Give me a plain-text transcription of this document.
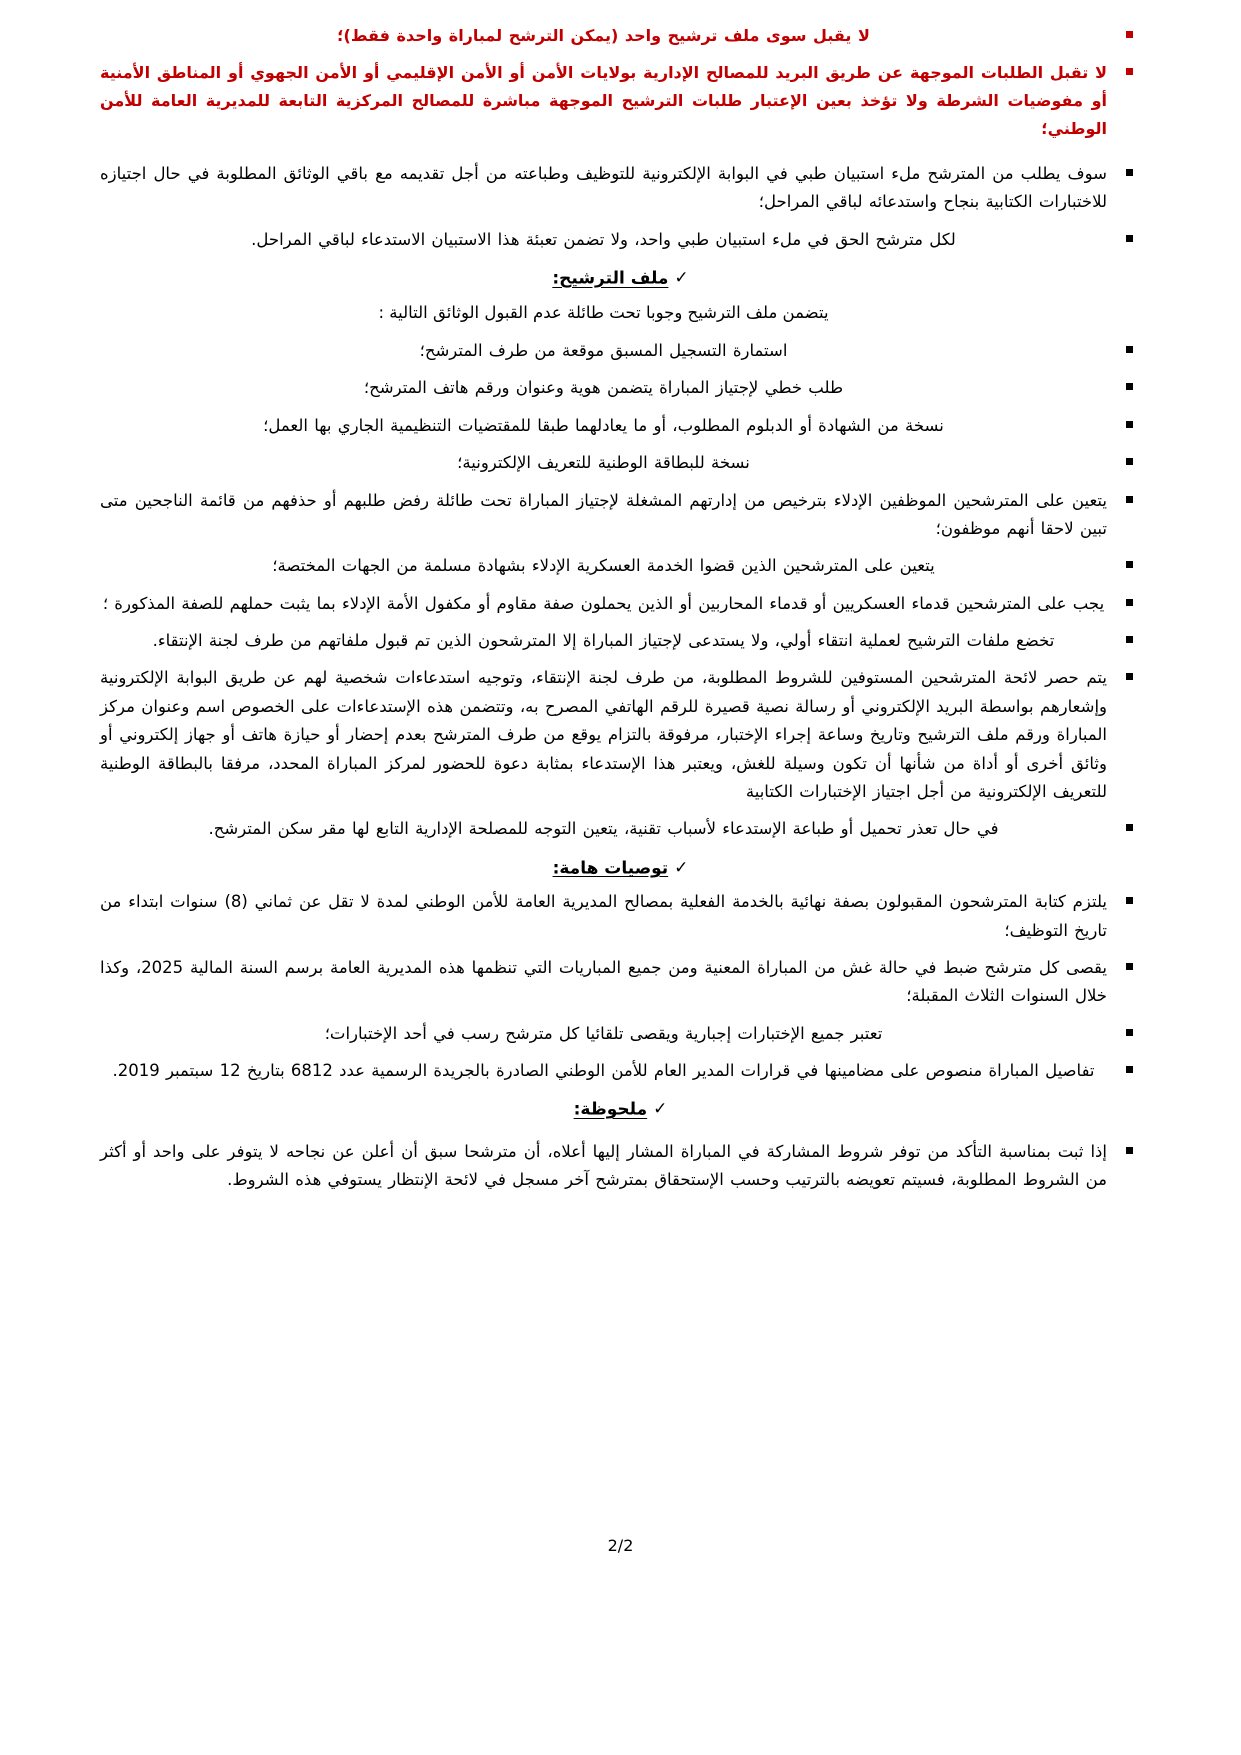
لا يقبل سوى ملف ترشيح واحد (يمكن الترشح لمباراة واحدة فقط)؛
لا تقبل الطلبات الموجهة عن طريق البريد للمصالح الإدارية بولايات الأمن أو الأمن الإقليمي أو الأمن الجهوي أو المناطق الأمنية أو مفوضيات الشرطة ولا تؤخذ بعين الإعتبار طلبات الترشيح الموجهة مباشرة للمصالح المركزية التابعة للمديرية العامة للأمن الوطني؛
سوف يطلب من المترشح ملء استبيان طبي في البوابة الإلكترونية للتوظيف وطباعته من أجل تقديمه مع باقي الوثائق المطلوبة في حال اجتيازه للاختبارات الكتابية بنجاح واستدعائه لباقي المراحل؛
لكل مترشح الحق في ملء استبيان طبي واحد، ولا تضمن تعبئة هذا الاستبيان الاستدعاء لباقي المراحل.
✓ملف الترشيح:
يتضمن ملف الترشيح وجوبا تحت طائلة عدم القبول الوثائق التالية :
استمارة التسجيل المسبق موقعة من طرف المترشح؛
طلب خطي لإجتياز المباراة يتضمن هوية وعنوان ورقم هاتف المترشح؛
نسخة من الشهادة أو الدبلوم المطلوب، أو ما يعادلهما طبقا للمقتضيات التنظيمية الجاري بها العمل؛
نسخة للبطاقة الوطنية للتعريف الإلكترونية؛
يتعين على المترشحين الموظفين الإدلاء بترخيص من إدارتهم المشغلة لإجتياز المباراة تحت طائلة رفض طلبهم أو حذفهم من قائمة الناجحين متى تبين لاحقا أنهم موظفون؛
يتعين على المترشحين الذين قضوا الخدمة العسكرية الإدلاء بشهادة مسلمة من الجهات المختصة؛
يجب على المترشحين قدماء العسكريين أو قدماء المحاربين أو الذين يحملون صفة مقاوم أو مكفول الأمة الإدلاء بما يثبت حملهم للصفة المذكورة ؛
تخضع ملفات الترشيح لعملية انتقاء أولي، ولا يستدعى لإجتياز المباراة إلا المترشحون الذين تم قبول ملفاتهم من طرف لجنة الإنتقاء.
يتم حصر لائحة المترشحين المستوفين للشروط المطلوبة، من طرف لجنة الإنتقاء، وتوجيه استدعاءات شخصية لهم عن طريق البوابة الإلكترونية وإشعارهم بواسطة البريد الإلكتروني أو رسالة نصية قصيرة للرقم الهاتفي المصرح به، وتتضمن هذه الإستدعاءات على الخصوص اسم وعنوان مركز المباراة ورقم ملف الترشيح وتاريخ وساعة إجراء الإختبار، مرفوقة بالتزام يوقع من طرف المترشح بعدم إحضار أو حيازة هاتف أو جهاز إلكتروني أو وثائق أخرى أو أداة من شأنها أن تكون وسيلة للغش، ويعتبر هذا الإستدعاء بمثابة دعوة للحضور لمركز المباراة المحدد، مرفقا بالبطاقة الوطنية للتعريف الإلكترونية من أجل اجتياز الإختبارات الكتابية
في حال تعذر تحميل أو طباعة الإستدعاء لأسباب تقنية، يتعين التوجه للمصلحة الإدارية التابع لها مقر سكن المترشح.
✓توصيات هامة:
يلتزم كتابة المترشحون المقبولون بصفة نهائية بالخدمة الفعلية بمصالح المديرية العامة للأمن الوطني لمدة لا تقل عن ثماني (8) سنوات ابتداء من تاريخ التوظيف؛
يقصى كل مترشح ضبط في حالة غش من المباراة المعنية ومن جميع المباريات التي تنظمها هذه المديرية العامة برسم السنة المالية 2025، وكذا خلال السنوات الثلاث المقبلة؛
تعتبر جميع الإختبارات إجبارية ويقصى تلقائيا كل مترشح رسب في أحد الإختبارات؛
تفاصيل المباراة منصوص على مضامينها في قرارات المدير العام للأمن الوطني الصادرة بالجريدة الرسمية عدد 6812 بتاريخ 12 سبتمبر 2019.
✓ملحوظة:
إذا ثبت بمناسبة التأكد من توفر شروط المشاركة في المباراة المشار إليها أعلاه، أن مترشحا سبق أن أعلن عن نجاحه لا يتوفر على واحد أو أكثر من الشروط المطلوبة، فسيتم تعويضه بالترتيب وحسب الإستحقاق بمترشح آخر مسجل في لائحة الإنتظار يستوفي هذه الشروط.
2/2
